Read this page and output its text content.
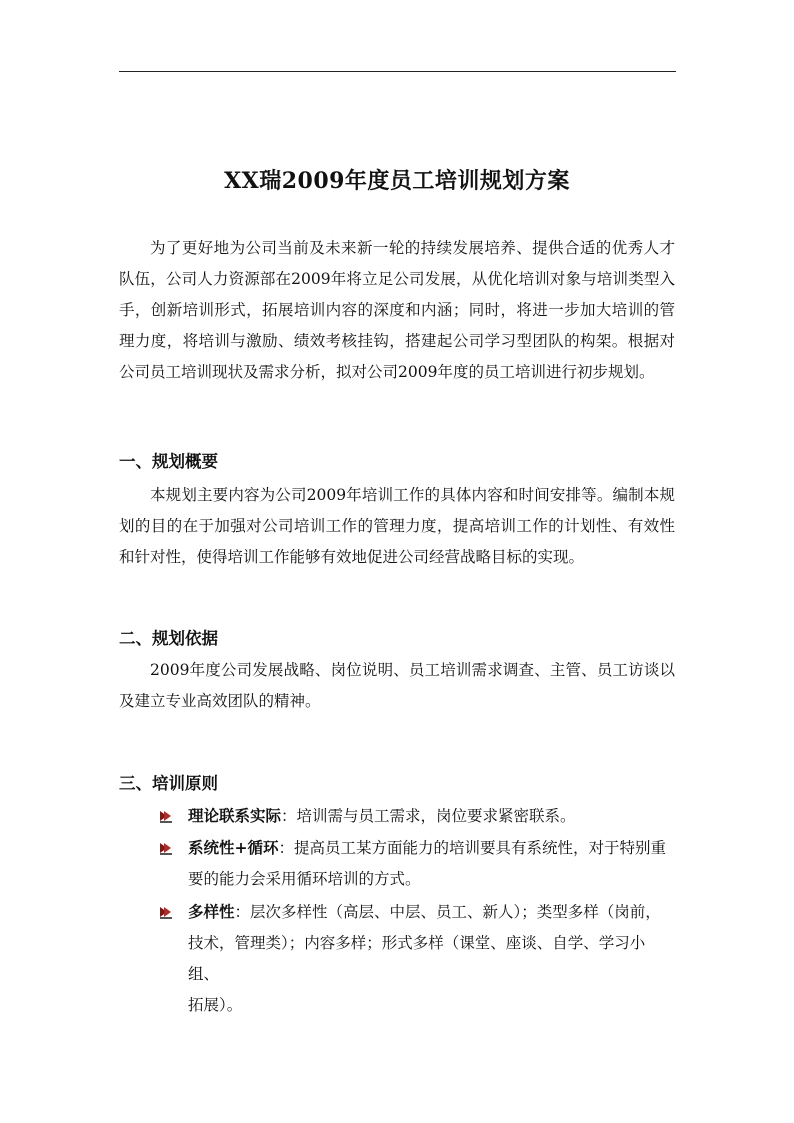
XX瑞2009年度员工培训规划方案
为了更好地为公司当前及未来新一轮的持续发展培养、提供合适的优秀人才队伍，公司人力资源部在2009年将立足公司发展，从优化培训对象与培训类型入手，创新培训形式，拓展培训内容的深度和内涵；同时，将进一步加大培训的管理力度，将培训与激励、绩效考核挂钩，搭建起公司学习型团队的构架。根据对公司员工培训现状及需求分析，拟对公司2009年度的员工培训进行初步规划。
一、规划概要
本规划主要内容为公司2009年培训工作的具体内容和时间安排等。编制本规划的目的在于加强对公司培训工作的管理力度，提高培训工作的计划性、有效性和针对性，使得培训工作能够有效地促进公司经营战略目标的实现。
二、规划依据
2009年度公司发展战略、岗位说明、员工培训需求调查、主管、员工访谈以及建立专业高效团队的精神。
三、培训原则
理论联系实际：培训需与员工需求，岗位要求紧密联系。
系统性+循环：提高员工某方面能力的培训要具有系统性，对于特别重
要的能力会采用循环培训的方式。
多样性：层次多样性（高层、中层、员工、新人）；类型多样（岗前，
技术，管理类）；内容多样；形式多样（课堂、座谈、自学、学习小组、
拓展）。
